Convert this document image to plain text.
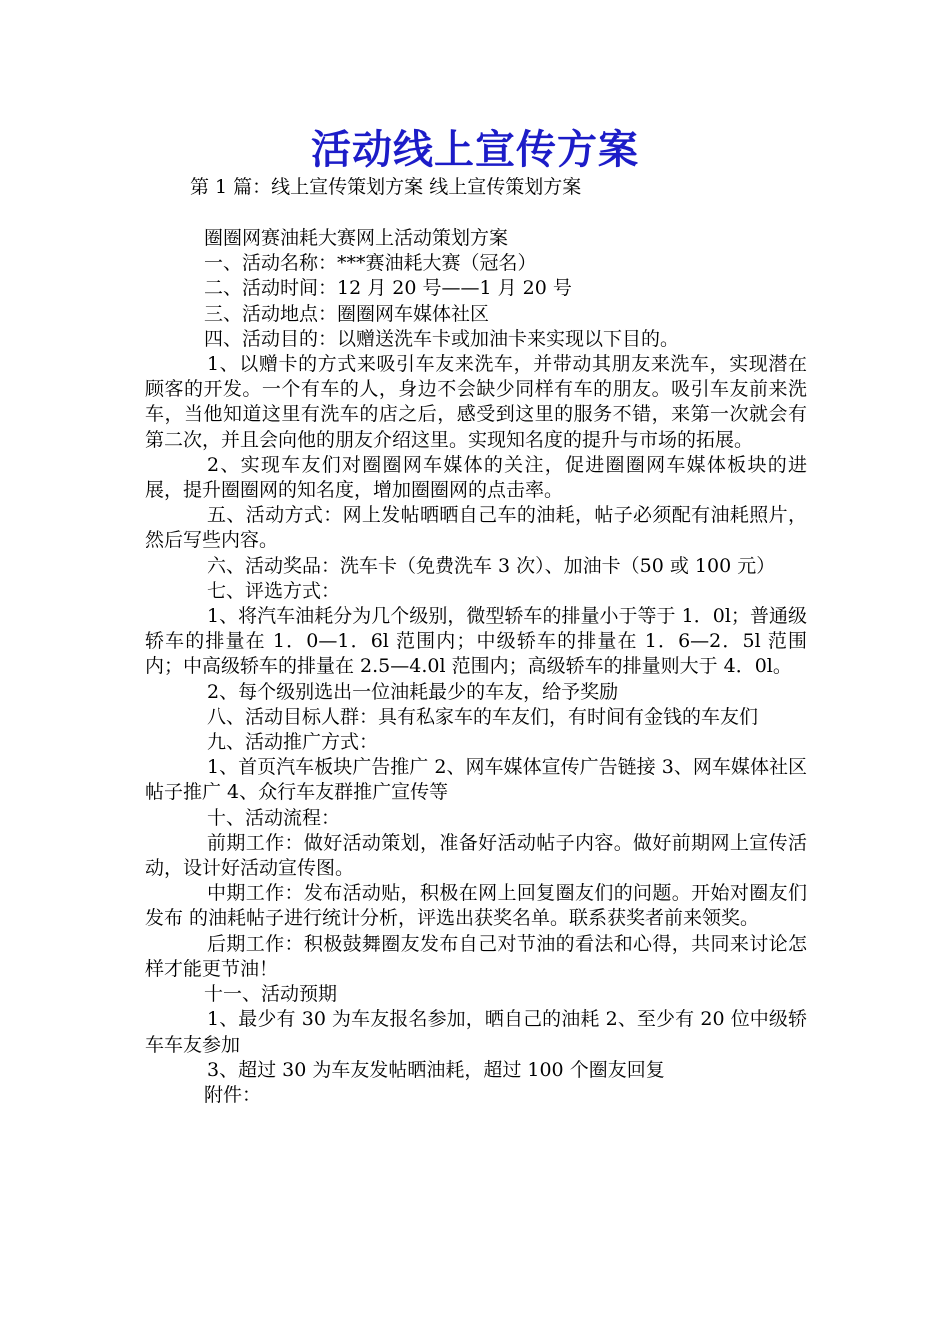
活动线上宣传方案
第 1 篇：线上宣传策划方案 线上宣传策划方案

圈圈网赛油耗大赛网上活动策划方案

一、活动名称：***赛油耗大赛（冠名）

二、活动时间：12 月 20 号——1 月 20 号

三、活动地点：圈圈网车媒体社区

四、活动目的：以赠送洗车卡或加油卡来实现以下目的。

1、以赠卡的方式来吸引车友来洗车，并带动其朋友来洗车，实现潜在顾客的开发。一个有车的人，身边不会缺少同样有车的朋友。吸引车友前来洗车，当他知道这里有洗车的店之后，感受到这里的服务不错，来第一次就会有第二次，并且会向他的朋友介绍这里。实现知名度的提升与市场的拓展。

2、实现车友们对圈圈网车媒体的关注，促进圈圈网车媒体板块的进展，提升圈圈网的知名度，增加圈圈网的点击率。

五、活动方式：网上发帖晒晒自己车的油耗，帖子必须配有油耗照片，然后写些内容。

六、活动奖品：洗车卡（免费洗车 3 次）、加油卡（50 或 100 元）

七、评选方式：

1、将汽车油耗分为几个级别，微型轿车的排量小于等于 1．0l；普通级轿车的排量在 1．0—1．6l 范围内；中级轿车的排量在 1．6—2．5l 范围内；中高级轿车的排量在 2.5—4.0l 范围内；高级轿车的排量则大于 4．0l。

2、每个级别选出一位油耗最少的车友，给予奖励

八、活动目标人群：具有私家车的车友们，有时间有金钱的车友们

九、活动推广方式：

1、首页汽车板块广告推广 2、网车媒体宣传广告链接 3、网车媒体社区帖子推广 4、众行车友群推广宣传等

十、活动流程：

前期工作：做好活动策划，准备好活动帖子内容。做好前期网上宣传活动，设计好活动宣传图。

中期工作：发布活动贴，积极在网上回复圈友们的问题。开始对圈友们发布 的油耗帖子进行统计分析，评选出获奖名单。联系获奖者前来领奖。

后期工作：积极鼓舞圈友发布自己对节油的看法和心得，共同来讨论怎样才能更节油！

十一、活动预期

1、最少有 30 为车友报名参加，晒自己的油耗 2、至少有 20 位中级轿车车友参加

3、超过 30 为车友发帖晒油耗，超过 100 个圈友回复

附件：
